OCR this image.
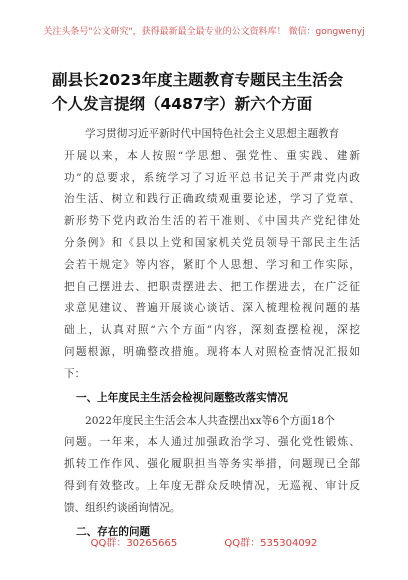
关注头条号"公文研究"，获得最新最全最专业的公文资料库！ 微信：gongwenyj
副县长2023年度主题教育专题民主生活会
个人发言提纲（4487字）新六个方面
学习贯彻习近平新时代中国特色社会主义思想主题教育
开展以来，本人按照“学思想、强党性、重实践、建新
功”的总要求，系统学习了习近平总书记关于严肃党内政
治生活、树立和践行正确政绩观重要论述，学习了党章、
新形势下党内政治生活的若干准则、《中国共产党纪律处
分条例》和《县以上党和国家机关党员领导干部民主生活
会若干规定》等内容，紧盯个人思想、学习和工作实际，
把自己摆进去、把职责摆进去、把工作摆进去，在广泛征
求意见建议、普遍开展谈心谈话、深入梳理检视问题的基
础上，认真对照“六个方面”内容，深刻查摆检视，深挖
问题根源，明确整改措施。现将本人对照检查情况汇报如
下：
一、上年度民主生活会检视问题整改落实情况
2022年度民主生活会本人共查摆出xx等6个方面18个
问题。一年来，本人通过加强政治学习、强化党性锻炼、
抓转工作作风、强化履职担当等务实举措，问题现已全部
得到有效整改。上年度无群众反映情况，无巡视、审计反
馈、组织约谈函询情况。
二、存在的问题
QQ群：30265665	QQ群：535304092
